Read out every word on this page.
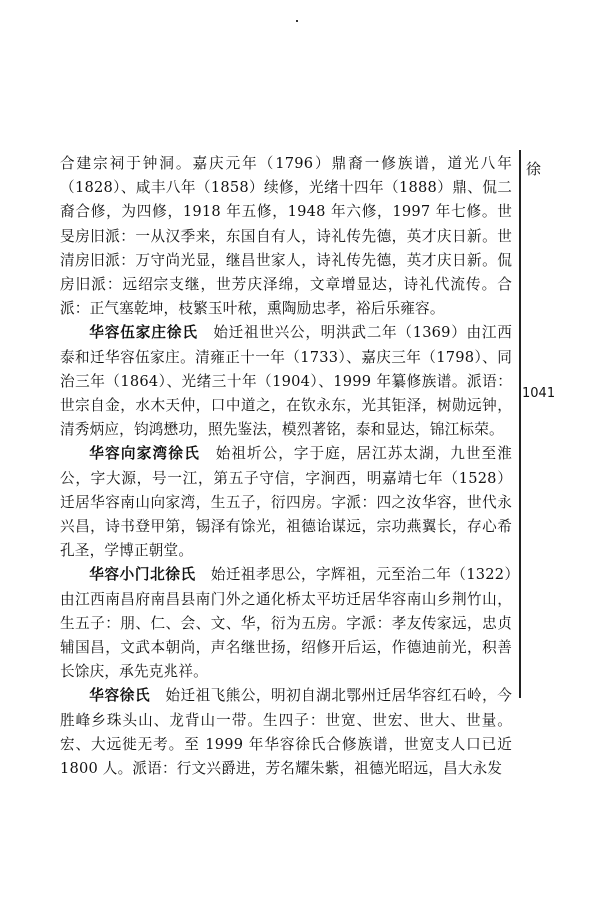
合建宗祠于钟洞。嘉庆元年（1796）鼎裔一修族谱，道光八年（1828）、咸丰八年（1858）续修，光绪十四年（1888）鼎、侃二裔合修，为四修，1918 年五修，1948 年六修，1997 年七修。世旻房旧派：一从汉季来，东国自有人，诗礼传先德，英才庆日新。世清房旧派：万守尚光显，继昌世家人，诗礼传先德，英才庆日新。侃房旧派：远绍宗支继，世芳庆泽绵，文章增显达，诗礼代流传。合派：正气塞乾坤，枝繁玉叶秾，熏陶励忠孝，裕后乐雍容。

华容伍家庄徐氏　 始迁祖世兴公，明洪武二年（1369）由江西泰和迁华容伍家庄。清雍正十一年（1733）、嘉庆三年（1798）、同治三年（1864）、光绪三十年（1904）、1999 年纂修族谱。派语：世宗自金，水木天仲，口中道之，在钦永东，光其钜泽，树勋远钟，清秀炳应，钧鸿懋功，照先鉴法，模烈著铭，泰和显达，锦江标荣。

华容向家湾徐氏　 始祖圻公，字于庭，居江苏太湖，九世至淮公，字大源，号一江，第五子守信，字涧西，明嘉靖七年（1528）迁居华容南山向家湾，生五子，衍四房。字派：四之汝华容，世代永兴昌，诗书登甲第，锡泽有馀光，祖德诒谋远，宗功燕翼长，存心希孔圣，学博正朝堂。

华容小门北徐氏　 始迁祖孝思公，字辉祖，元至治二年（1322）由江西南昌府南昌县南门外之通化桥太平坊迁居华容南山乡荆竹山，生五子：朋、仁、会、文、华，衍为五房。字派：孝友传家远，忠贞辅国昌，文武本朝尚，声名继世扬，绍修开后运，作德迪前光，积善长馀庆，承先克兆祥。

华容徐氏　 始迁祖飞熊公，明初自湖北鄂州迁居华容红石岭，今胜峰乡珠头山、龙背山一带。生四子：世宽、世宏、世大、世量。宏、大远徙无考。至 1999 年华容徐氏合修族谱，世宽支人口已近 1800 人。派语：行文兴爵进，芳名耀朱紫，祖德光昭远，昌大永发

徐
1041
